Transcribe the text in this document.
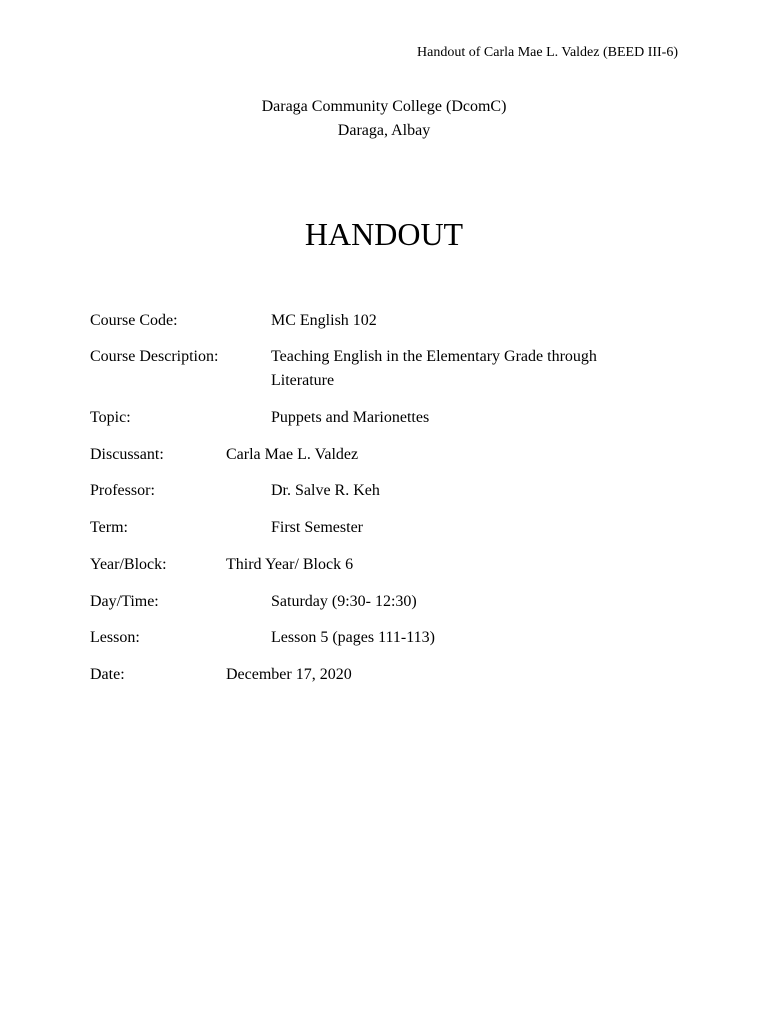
Handout of Carla Mae L. Valdez (BEED III-6)
Daraga Community College (DcomC)
Daraga, Albay
HANDOUT
Course Code:	MC English 102
Course Description:	Teaching English in the Elementary Grade through
Literature
Topic:	Puppets and Marionettes
Discussant:	Carla Mae L. Valdez
Professor:	Dr. Salve R. Keh
Term:	First Semester
Year/Block:	Third Year/ Block 6
Day/Time:	Saturday (9:30- 12:30)
Lesson:	Lesson 5 (pages 111-113)
Date:	December 17, 2020
